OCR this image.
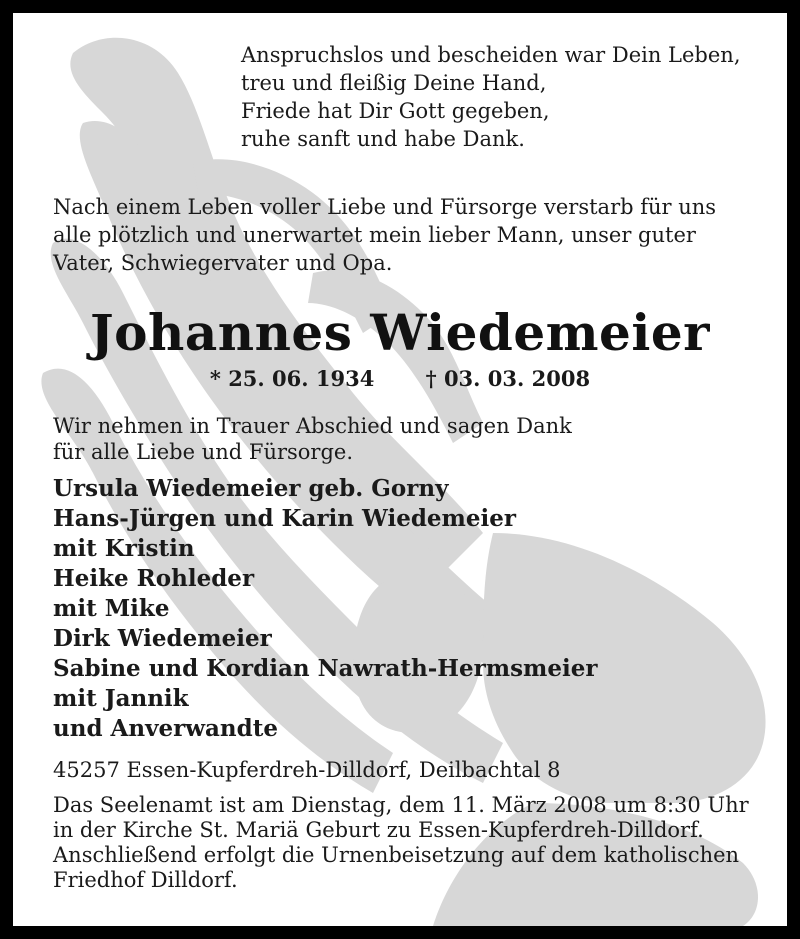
Anspruchslos und bescheiden war Dein Leben,
treu und fleißig Deine Hand,
Friede hat Dir Gott gegeben,
ruhe sanft und habe Dank.
Nach einem Leben voller Liebe und Fürsorge verstarb für uns
alle plötzlich und unerwartet mein lieber Mann, unser guter
Vater, Schwiegervater und Opa.
Johannes Wiedemeier
* 25. 06. 1934 † 03. 03. 2008
Wir nehmen in Trauer Abschied und sagen Dank
für alle Liebe und Fürsorge.
Ursula Wiedemeier geb. Gorny
Hans-Jürgen und Karin Wiedemeier
mit Kristin
Heike Rohleder
mit Mike
Dirk Wiedemeier
Sabine und Kordian Nawrath-Hermsmeier
mit Jannik
und Anverwandte
45257 Essen-Kupferdreh-Dilldorf, Deilbachtal 8
Das Seelenamt ist am Dienstag, dem 11. März 2008 um 8:30 Uhr
in der Kirche St. Mariä Geburt zu Essen-Kupferdreh-Dilldorf.
Anschließend erfolgt die Urnenbeisetzung auf dem katholischen
Friedhof Dilldorf.
